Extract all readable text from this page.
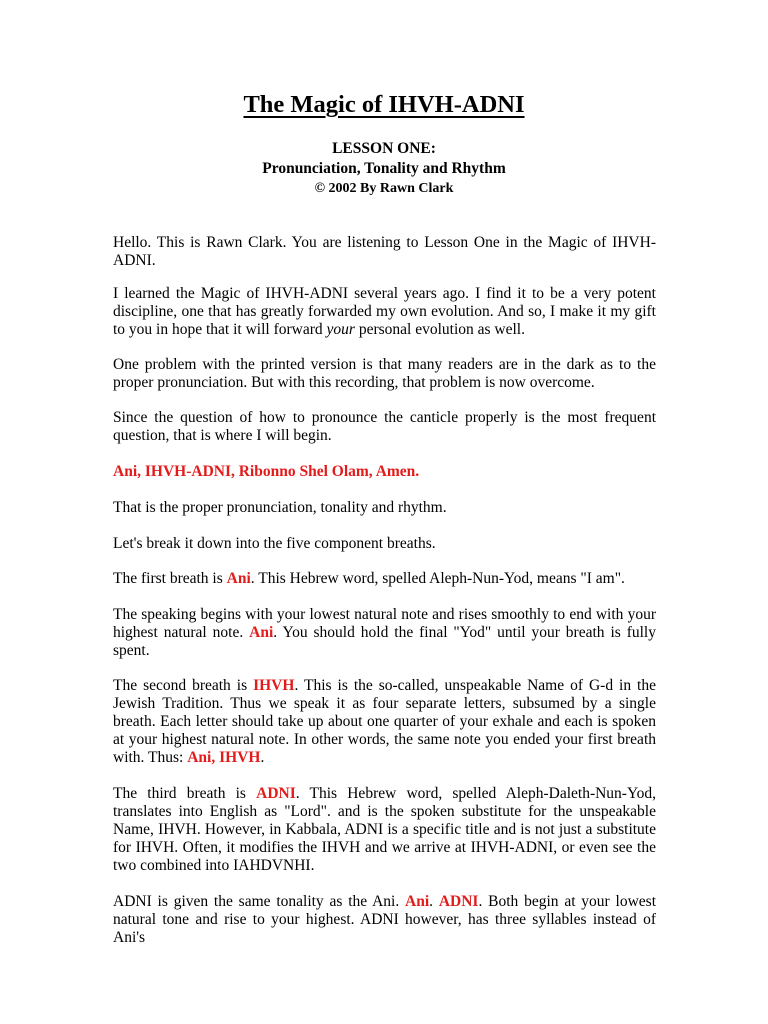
The Magic of IHVH-ADNI
LESSON ONE:
Pronunciation, Tonality and Rhythm
© 2002 By Rawn Clark

Hello. This is Rawn Clark. You are listening to Lesson One in the Magic of IHVH-ADNI.

I learned the Magic of IHVH-ADNI several years ago. I find it to be a very potent discipline, one that has greatly forwarded my own evolution. And so, I make it my gift to you in hope that it will forward your personal evolution as well.

One problem with the printed version is that many readers are in the dark as to the proper pronunciation. But with this recording, that problem is now overcome.

Since the question of how to pronounce the canticle properly is the most frequent question, that is where I will begin.

Ani, IHVH-ADNI, Ribonno Shel Olam, Amen.

That is the proper pronunciation, tonality and rhythm.

Let's break it down into the five component breaths.

The first breath is Ani. This Hebrew word, spelled Aleph-Nun-Yod, means "I am".

The speaking begins with your lowest natural note and rises smoothly to end with your highest natural note. Ani. You should hold the final "Yod" until your breath is fully spent.

The second breath is IHVH. This is the so-called, unspeakable Name of G-d in the Jewish Tradition. Thus we speak it as four separate letters, subsumed by a single breath. Each letter should take up about one quarter of your exhale and each is spoken at your highest natural note. In other words, the same note you ended your first breath with. Thus: Ani, IHVH.

The third breath is ADNI. This Hebrew word, spelled Aleph-Daleth-Nun-Yod, translates into English as "Lord". and is the spoken substitute for the unspeakable Name, IHVH. However, in Kabbala, ADNI is a specific title and is not just a substitute for IHVH. Often, it modifies the IHVH and we arrive at IHVH-ADNI, or even see the two combined into IAHDVNHI.

ADNI is given the same tonality as the Ani. Ani. ADNI. Both begin at your lowest natural tone and rise to your highest. ADNI however, has three syllables instead of Ani's
